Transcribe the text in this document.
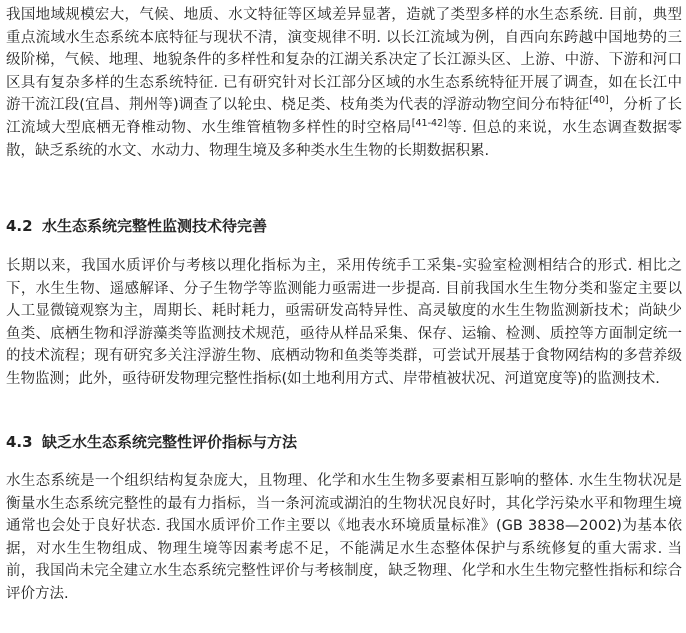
我国地域规模宏大，气候、地质、水文特征等区域差异显著，造就了类型多样的水生态系统. 目前，典型重点流域水生态系统本底特征与现状不清，演变规律不明. 以长江流域为例，自西向东跨越中国地势的三级阶梯，气候、地理、地貌条件的多样性和复杂的江湖关系决定了长江源头区、上游、中游、下游和河口区具有复杂多样的生态系统特征. 已有研究针对长江部分区域的水生态系统特征开展了调查，如在长江中游干流江段(宜昌、荆州等)调查了以轮虫、桡足类、枝角类为代表的浮游动物空间分布特征[40]，分析了长江流域大型底栖无脊椎动物、水生维管植物多样性的时空格局[41-42]等. 但总的来说，水生态调查数据零散，缺乏系统的水文、水动力、物理生境及多种类水生生物的长期数据积累.

4.2 水生态系统完整性监测技术待完善

长期以来，我国水质评价与考核以理化指标为主，采用传统手工采集-实验室检测相结合的形式. 相比之下，水生生物、遥感解译、分子生物学等监测能力亟需进一步提高. 目前我国水生生物分类和鉴定主要以人工显微镜观察为主，周期长、耗时耗力，亟需研发高特异性、高灵敏度的水生生物监测新技术；尚缺少鱼类、底栖生物和浮游藻类等监测技术规范，亟待从样品采集、保存、运输、检测、质控等方面制定统一的技术流程；现有研究多关注浮游生物、底栖动物和鱼类等类群，可尝试开展基于食物网结构的多营养级生物监测；此外，亟待研发物理完整性指标(如土地利用方式、岸带植被状况、河道宽度等)的监测技术.

4.3 缺乏水生态系统完整性评价指标与方法

水生态系统是一个组织结构复杂庞大，且物理、化学和水生生物多要素相互影响的整体. 水生生物状况是衡量水生态系统完整性的最有力指标，当一条河流或湖泊的生物状况良好时，其化学污染水平和物理生境通常也会处于良好状态. 我国水质评价工作主要以《地表水环境质量标准》(GB 3838—2002)为基本依据，对水生生物组成、物理生境等因素考虑不足，不能满足水生态整体保护与系统修复的重大需求. 当前，我国尚未完全建立水生态系统完整性评价与考核制度，缺乏物理、化学和水生生物完整性指标和综合评价方法.
